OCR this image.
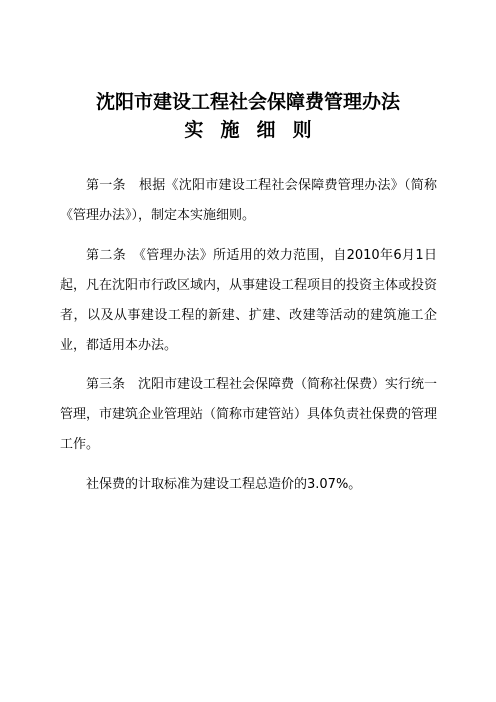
沈阳市建设工程社会保障费管理办法
实施细则

第一条　根据《沈阳市建设工程社会保障费管理办法》（简称《管理办法》），制定本实施细则。

第二条　《管理办法》所适用的效力范围，自2010年6月1日起，凡在沈阳市行政区域内，从事建设工程项目的投资主体或投资者，以及从事建设工程的新建、扩建、改建等活动的建筑施工企业，都适用本办法。

第三条　沈阳市建设工程社会保障费（简称社保费）实行统一管理，市建筑企业管理站（简称市建管站）具体负责社保费的管理工作。

社保费的计取标准为建设工程总造价的3.07%。
